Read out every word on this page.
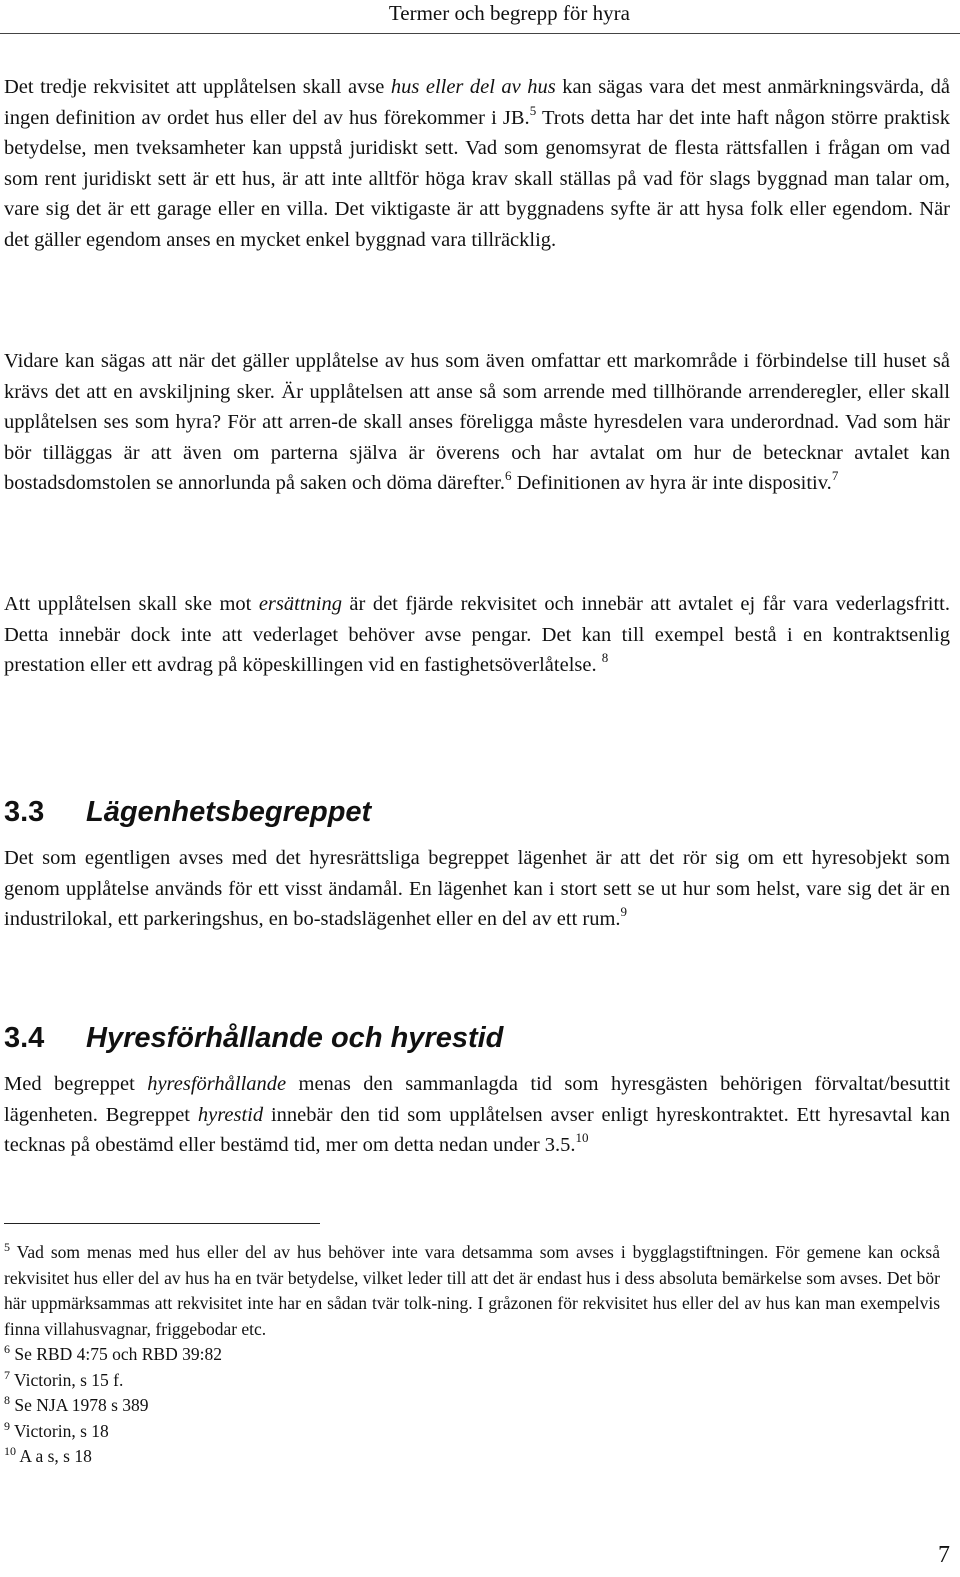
Termer och begrepp för hyra

Det tredje rekvisitet att upplåtelsen skall avse hus eller del av hus kan sägas vara det mest anmärkningsvärda, då ingen definition av ordet hus eller del av hus förekommer i JB.$^5$ Trots detta har det inte haft någon större praktisk betydelse, men tveksamheter kan uppstå juridiskt sett. Vad som genomsyrat de flesta rättsfallen i frågan om vad som rent juridiskt sett är ett hus, är att inte alltför höga krav skall ställas på vad för slags byggnad man talar om, vare sig det är ett garage eller en villa. Det viktigaste är att byggnadens syfte är att hysa folk eller egendom. När det gäller egendom anses en mycket enkel byggnad vara tillräcklig.

Vidare kan sägas att när det gäller upplåtelse av hus som även omfattar ett markområde i förbindelse till huset så krävs det att en avskiljning sker. Är upplåtelsen att anse så som arrende med tillhörande arrenderegler, eller skall upplåtelsen ses som hyra? För att arren-de skall anses föreligga måste hyresdelen vara underordnad. Vad som här bör tilläggas är att även om parterna själva är överens och har avtalat om hur de betecknar avtalet kan bostadsdomstolen se annorlunda på saken och döma därefter.$^6$ Definitionen av hyra är inte dispositiv.$^7$

Att upplåtelsen skall ske mot ersättning är det fjärde rekvisitet och innebär att avtalet ej får vara vederlagsfritt. Detta innebär dock inte att vederlaget behöver avse pengar. Det kan till exempel bestå i en kontraktsenlig prestation eller ett avdrag på köpeskillingen vid en fastighetsöverlåtelse. $^8$

3.3 Lägenhetsbegreppet

Det som egentligen avses med det hyresrättsliga begreppet lägenhet är att det rör sig om ett hyresobjekt som genom upplåtelse används för ett visst ändamål. En lägenhet kan i stort sett se ut hur som helst, vare sig det är en industrilokal, ett parkeringshus, en bo-stadslägenhet eller en del av ett rum.$^9$

3.4 Hyresförhållande och hyrestid

Med begreppet hyresförhållande menas den sammanlagda tid som hyresgästen behörigen förvaltat/besuttit lägenheten. Begreppet hyrestid innebär den tid som upplåtelsen avser enligt hyreskontraktet. Ett hyresavtal kan tecknas på obestämd eller bestämd tid, mer om detta nedan under 3.5.10

$^5$ Vad som menas med hus eller del av hus behöver inte vara detsamma som avses i bygglagstiftningen. För gemene kan också rekvisitet hus eller del av hus ha en tvär betydelse, vilket leder till att det är endast hus i dess absoluta bemärkelse som avses. Det bör här uppmärksammas att rekvisitet inte har en sådan tvär tolk-ning. I gråzonen för rekvisitet hus eller del av hus kan man exempelvis finna villahusvagnar, friggebodar etc.

$^6$ Se RBD 4:75 och RBD 39:82

$^7$ Victorin, s 15 f.

$^8$ Se NJA 1978 s 389

$^9$ Victorin, s 18

$^{10}$ A a s, s 18

7
